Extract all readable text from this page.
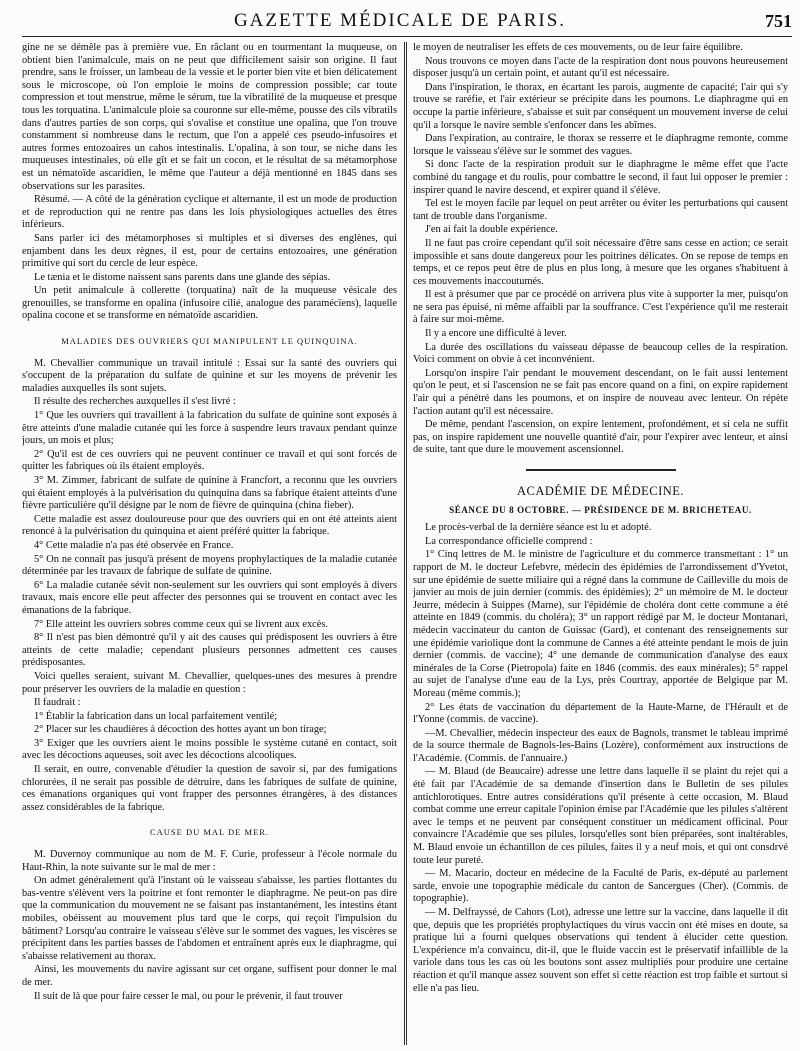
GAZETTE MÉDICALE DE PARIS.	751

gine ne se démêle pas à première vue. En râclant ou en tourmentant la muqueuse, on obtient bien l'animalcule, mais on ne peut que difficilement saisir son origine. Il faut prendre, sans le froisser, un lambeau de la vessie et le porter bien vite et bien délicatement sous le microscope, où l'on emploie le moins de compression possible; car toute compression et tout menstrue, même le sérum, tue la vibratilité de la muqueuse et presque tous les torquatina. L'animalcule ploie sa couronne sur elle-même, pousse des cils vibratils dans d'autres parties de son corps, qui s'ovalise et constitue une opalina, que l'on trouve constamment si nombreuse dans le rectum, que l'on a appelé ces pseudo-infusoires et autres formes entozoaires un cahos intestinalis. L'opalina, à son tour, se niche dans les muqueuses intestinales, où elle gît et se fait un cocon, et le résultat de sa métamorphose est un nématoïde ascaridien, le même que l'auteur a déjà mentionné en 1845 dans ses observations sur les parasites.

Résumé. — A côté de la génération cyclique et alternante, il est un mode de production et de reproduction qui ne rentre pas dans les lois physiologiques actuelles des êtres inférieurs.

Sans parler ici des métamorphoses si multiples et si diverses des englènes, qui enjambent dans les deux règnes, il est, pour de certains entozoaires, une génération primitive qui sort du cercle de leur espèce.

Le tænia et le distome naissent sans parents dans une glande des sépias.

Un petit animalcule à collerette (torquatina) naît de la muqueuse vésicale des grenouilles, se transforme en opalina (infusoire cilié, analogue des paramécïens), laquelle opalina cocone et se transforme en nématoïde ascaridien.

MALADIES DES OUVRIERS QUI MANIPULENT LE QUINQUINA.

M. Chevallier communique un travail intitulé : Essai sur la santé des ouvriers qui s'occupent de la préparation du sulfate de quinine et sur les moyens de prévenir les maladies auxquelles ils sont sujets.

Il résulte des recherches auxquelles il s'est livré :

1° Que les ouvriers qui travaillent à la fabrication du sulfate de quinine sont exposés à être atteints d'une maladie cutanée qui les force à suspendre leurs travaux pendant quinze jours, un mois et plus;

2° Qu'il est de ces ouvriers qui ne peuvent continuer ce travail et qui sont forcés de quitter les fabriques où ils étaient employés.

3° M. Zimmer, fabricant de sulfate de quinine à Francfort, a reconnu que les ouvriers qui étaient employés à la pulvérisation du quinquina dans sa fabrique étaient atteints d'une fièvre particulière qu'il désigne par le nom de fièvre de quinquina (china fieber).

Cette maladie est assez douloureuse pour que des ouvriers qui en ont été atteints aient renoncé à la pulvérisation du quinquina et aient préféré quitter la fabrique.

4° Cette maladie n'a pas été observée en France.

5° On ne connaît pas jusqu'à présent de moyens prophylactiques de la maladie cutanée déterminée par les travaux de fabrique de sulfate de quinine.

6° La maladie cutanée sévit non-seulement sur les ouvriers qui sont employés à divers travaux, mais encore elle peut affecter des personnes qui se trouvent en contact avec les émanations de la fabrique.

7° Elle atteint les ouvriers sobres comme ceux qui se livrent aux excès.

8° Il n'est pas bien démontré qu'il y ait des causes qui prédisposent les ouvriers à être atteints de cette maladie; cependant plusieurs personnes admettent ces causes prédisposantes.

Voici quelles seraient, suivant M. Chevallier, quelques-unes des mesures à prendre pour préserver les ouvriers de la maladie en question :

Il faudrait :

1° Établir la fabrication dans un local parfaitement ventilé;

2° Placer sur les chaudières à décoction des hottes ayant un bon tirage;

3° Exiger que les ouvriers aient le moins possible le système cutané en contact, soit avec les décoctions aqueuses, soit avec les décoctions alcooliques.

Il serait, en outre, convenable d'étudier la question de savoir si, par des fumigations chlorurées, il ne serait pas possible de détruire, dans les fabriques de sulfate de quinine, ces émanations organiques qui vont frapper des personnes étrangères, à des distances assez considérables de la fabrique.

CAUSE DU MAL DE MER.

M. Duvernoy communique au nom de M. F. Curie, professeur à l'école normale du Haut-Rhin, la note suivante sur le mal de mer :

On admet généralement qu'à l'instant où le vaisseau s'abaisse, les parties flottantes du bas-ventre s'élèvent vers la poitrine et font remonter le diaphragme. Ne peut-on pas dire que la communication du mouvement ne se faisant pas instantanément, les intestins étant mobiles, obéissent au mouvement plus tard que le corps, qui reçoit l'impulsion du bâtiment? Lorsqu'au contraire le vaisseau s'élève sur le sommet des vagues, les viscères se précipitent dans les parties basses de l'abdomen et entraînent après eux le diaphragme, qui s'abaisse relativement au thorax.

Ainsi, les mouvements du navire agissant sur cet organe, suffisent pour donner le mal de mer.

Il suit de là que pour faire cesser le mal, ou pour le prévenir, il faut trouver

le moyen de neutraliser les effets de ces mouvements, ou de leur faire équilibre.

Nous trouvons ce moyen dans l'acte de la respiration dont nous pouvons heureusement disposer jusqu'à un certain point, et autant qu'il est nécessaire.

Dans l'inspiration, le thorax, en écartant les parois, augmente de capacité; l'air qui s'y trouve se raréfie, et l'air extérieur se précipite dans les poumons. Le diaphragme qui en occupe la partie inférieure, s'abaisse et suit par conséquent un mouvement inverse de celui qu'il a lorsque le navire semble s'enfoncer dans les abîmes.

Dans l'expiration, au contraire, le thorax se resserre et le diaphragme remonte, comme lorsque le vaisseau s'élève sur le sommet des vagues.

Si donc l'acte de la respiration produit sur le diaphragme le même effet que l'acte combiné du tangage et du roulis, pour combattre le second, il faut lui opposer le premier : inspirer quand le navire descend, et expirer quand il s'élève.

Tel est le moyen facile par lequel on peut arrêter ou éviter les perturbations qui causent tant de trouble dans l'organisme.

J'en ai fait la double expérience.

Il ne faut pas croire cependant qu'il soit nécessaire d'être sans cesse en action; ce serait impossible et sans doute dangereux pour les poitrines délicates. On se repose de temps en temps, et ce repos peut être de plus en plus long, à mesure que les organes s'habituent à ces mouvements inaccoutumés.

Il est à présumer que par ce procédé on arrivera plus vite à supporter la mer, puisqu'on ne sera pas épuisé, ni même affaibli par la souffrance. C'est l'expérience qu'il me resterait à faire sur moi-même.

Il y a encore une difficulté à lever.

La durée des oscillations du vaisseau dépasse de beaucoup celles de la respiration. Voici comment on obvie à cet inconvénient.

Lorsqu'on inspire l'air pendant le mouvement descendant, on le fait aussi lentement qu'on le peut, et si l'ascension ne se fait pas encore quand on a fini, on expire rapidement l'air qui a pénétré dans les poumons, et on inspire de nouveau avec lenteur. On répète l'action autant qu'il est nécessaire.

De même, pendant l'ascension, on expire lentement, profondément, et si cela ne suffit pas, on inspire rapidement une nouvelle quantité d'air, pour l'expirer avec lenteur, et ainsi de suite, tant que dure le mouvement ascensionnel.

ACADÉMIE DE MÉDECINE.
SÉANCE DU 8 OCTOBRE. — PRÉSIDENCE DE M. BRICHETEAU.

Le procès-verbal de la dernière séance est lu et adopté.

La correspondance officielle comprend :

1° Cinq lettres de M. le ministre de l'agriculture et du commerce transmettant : 1° un rapport de M. le docteur Lefebvre, médecin des épidémies de l'arrondissement d'Yvetot, sur une épidémie de suette miliaire qui a régné dans la commune de Cailleville du mois de janvier au mois de juin dernier (commis. des épidémies); 2° un mémoire de M. le docteur Jeurre, médecin à Suippes (Marne), sur l'épidémie de choléra dont cette commune a été atteinte en 1849 (commis. du choléra); 3° un rapport rédigé par M. le docteur Montanari, médecin vaccinateur du canton de Guissac (Gard), et contenant des renseignements sur une épidémie variolique dont la commune de Cannes a été atteinte pendant le mois de juin dernier (commis. de vaccine); 4° une demande de communication d'analyse des eaux minérales de la Corse (Pietropola) faite en 1846 (commis. des eaux minérales); 5° rappel au sujet de l'analyse d'une eau de la Lys, près Courtray, apportée de Belgique par M. Moreau (même commis.);

2° Les états de vaccination du département de la Haute-Marne, de l'Hérault et de l'Yonne (commis. de vaccine).

—M. Chevallier, médecin inspecteur des eaux de Bagnols, transmet le tableau imprimé de la source thermale de Bagnols-les-Bains (Lozère), conformément aux instructions de l'Académie. (Commis. de l'annuaire.)

— M. Blaud (de Beaucaire) adresse une lettre dans laquelle il se plaint du rejet qui a été fait par l'Académie de sa demande d'insertion dans le Bulletin de ses pilules antichlorotiques. Entre autres considérations qu'il présente à cette occasion, M. Blaud combat comme une erreur capitale l'opinion émise par l'Académie que les pilules s'altèrent avec le temps et ne peuvent par conséquent constituer un médicament officinal. Pour convaincre l'Académie que ses pilules, lorsqu'elles sont bien préparées, sont inaltérables, M. Blaud envoie un échantillon de ces pilules, faites il y a neuf mois, et qui ont consdrvé toute leur pureté.

— M. Macario, docteur en médecine de la Faculté de Paris, ex-député au parlement sarde, envoie une topographie médicale du canton de Sancergues (Cher). (Commis. de topographie).

— M. Delfrayssé, de Cahors (Lot), adresse une lettre sur la vaccine, dans laquelle il dit que, depuis que les propriétés prophylactiques du virus vaccin ont été mises en doute, sa pratique lui a fourni quelques observations qui tendent à élucider cette question. L'expérience m'a convaincu, dit-il, que le fluide vaccin est le préservatif infaillible de la variole dans tous les cas où les boutons sont assez multipliés pour produire une certaine réaction et qu'il manque assez souvent son effet si cette réaction est trop faible et surtout si elle n'a pas lieu.
